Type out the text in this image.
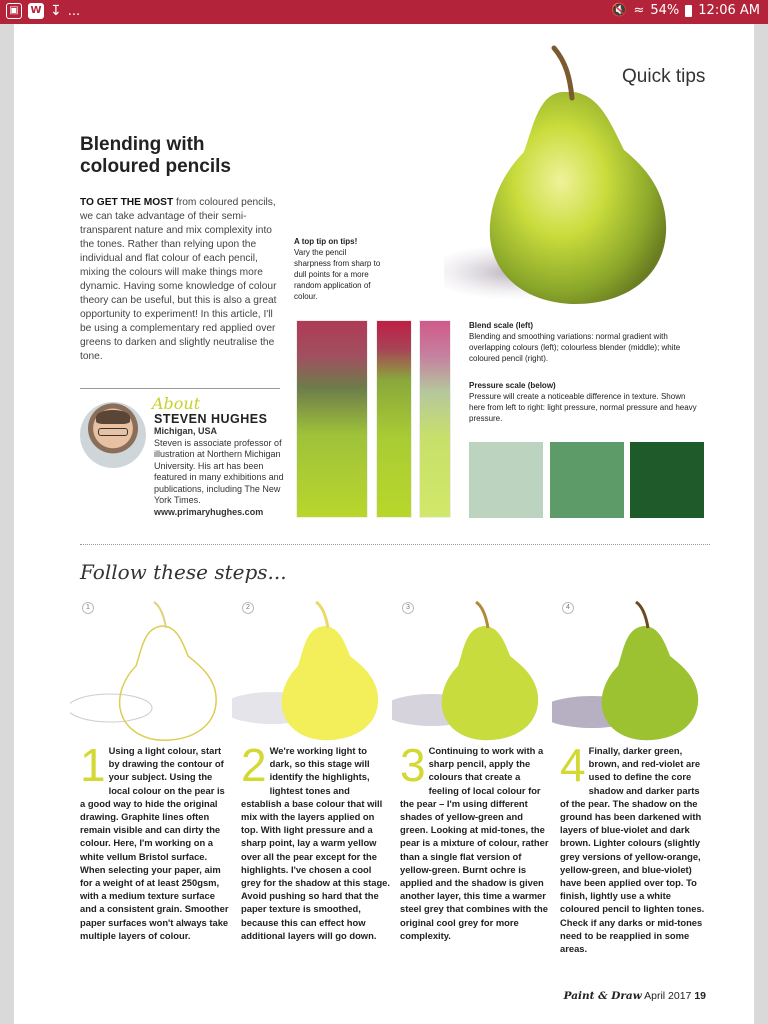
▣	W ↧ ...	🔇 ≈ 54% 12:06 AM
Quick tips
Blending with
coloured pencils
TO GET THE MOST from coloured pencils, we can take advantage of their semi-transparent nature and mix complexity into the tones. Rather than relying upon the individual and flat colour of each pencil, mixing the colours will make things more dynamic. Having some knowledge of colour theory can be useful, but this is also a great opportunity to experiment! In this article, I'll be using a complementary red applied over greens to darken and slightly neutralise the tone.
About
STEVEN HUGHES
Michigan, USA
Steven is associate professor of illustration at Northern Michigan University. His art has been featured in many exhibitions and publications, including The New York Times.
www.primaryhughes.com
A top tip on tips!
Vary the pencil sharpness from sharp to dull points for a more random application of colour.
Blend scale (left)
Blending and smoothing variations: normal gradient with overlapping colours (left); colourless blender (middle); white coloured pencil (right).
Pressure scale (below)
Pressure will create a noticeable difference in texture. Shown here from left to right: light pressure, normal pressure and heavy pressure.
Follow these steps...
1	2	3	4
1 Using a light colour, start by drawing the contour of your subject. Using the local colour on the pear is a good way to hide the original drawing. Graphite lines often remain visible and can dirty the colour. Here, I'm working on a white vellum Bristol surface. When selecting your paper, aim for a weight of at least 250gsm, with a medium texture surface and a consistent grain. Smoother paper surfaces won't always take multiple layers of colour.
2 We're working light to dark, so this stage will identify the highlights, lightest tones and establish a base colour that will mix with the layers applied on top. With light pressure and a sharp point, lay a warm yellow over all the pear except for the highlights. I've chosen a cool grey for the shadow at this stage. Avoid pushing so hard that the paper texture is smoothed, because this can effect how additional layers will go down.
3 Continuing to work with a sharp pencil, apply the colours that create a feeling of local colour for the pear – I'm using different shades of yellow-green and green. Looking at mid-tones, the pear is a mixture of colour, rather than a single flat version of yellow-green. Burnt ochre is applied and the shadow is given another layer, this time a warmer steel grey that combines with the original cool grey for more complexity.
4 Finally, darker green, brown, and red-violet are used to define the core shadow and darker parts of the pear. The shadow on the ground has been darkened with layers of blue-violet and dark brown. Lighter colours (slightly grey versions of yellow-orange, yellow-green, and blue-violet) have been applied over top. To finish, lightly use a white coloured pencil to lighten tones. Check if any darks or mid-tones need to be reapplied in some areas.
Paint & Draw April 2017 19
